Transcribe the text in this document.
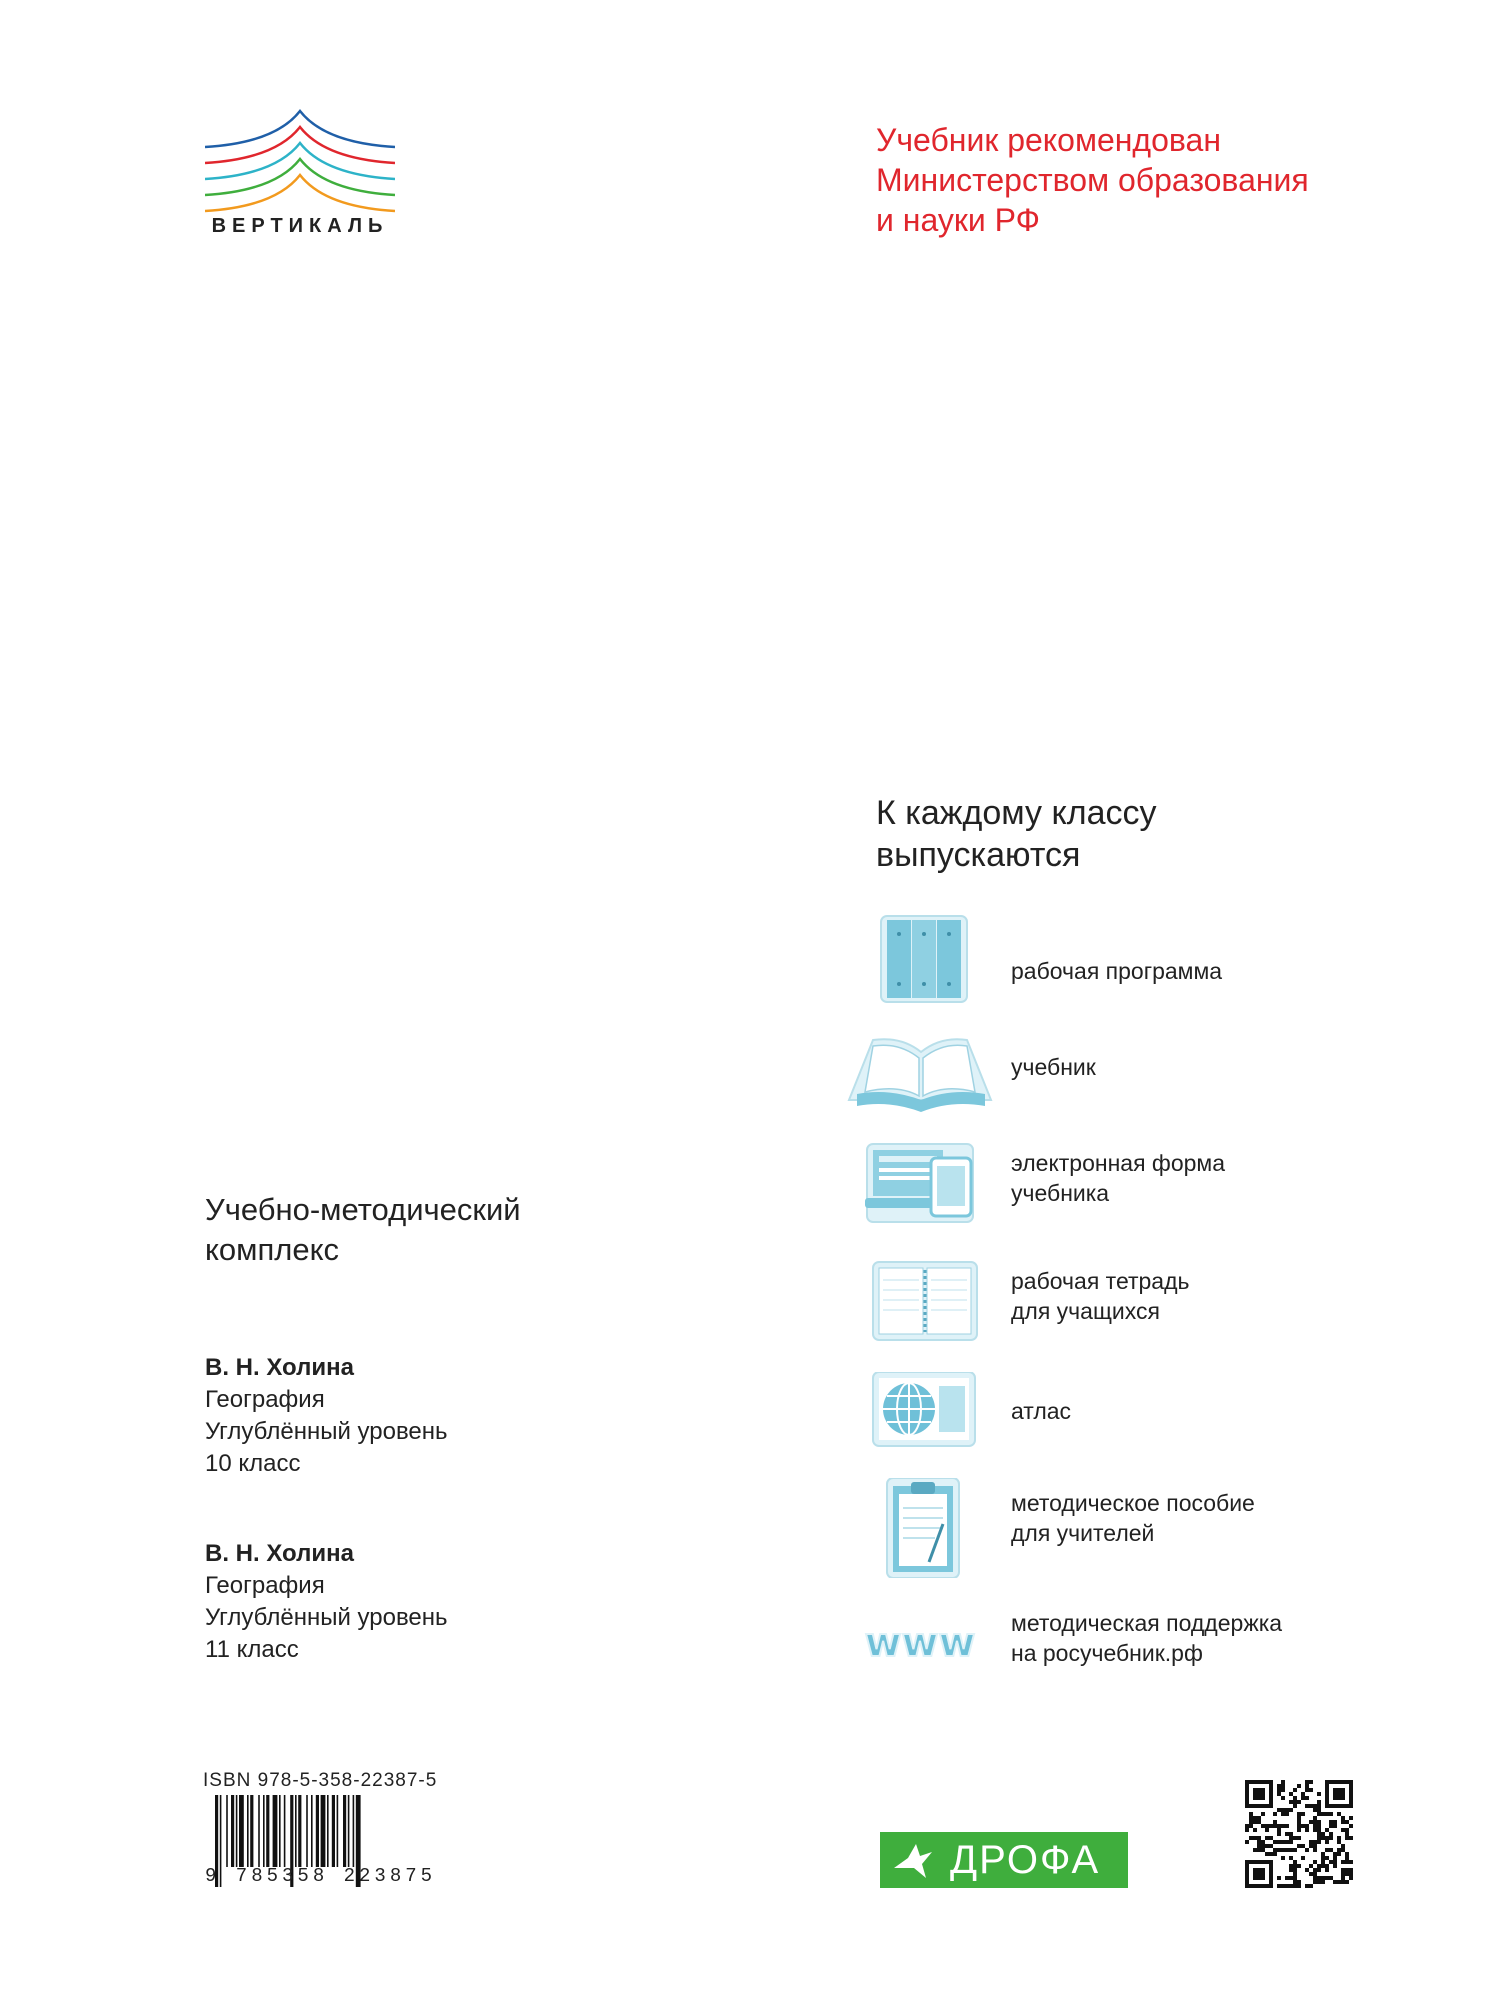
ВЕРТИКАЛЬ
Учебник рекомендован
Министерством образования
и науки РФ
К каждому классу
выпускаются
рабочая программа
учебник
электронная форма
учебника
рабочая тетрадь
для учащихся
атлас
методическое пособие
для учителей
www методическая поддержка
на росучебник.рф
Учебно-методический
комплекс
В. Н. Холина
География
Углублённый уровень
10 класс
В. Н. Холина
География
Углублённый уровень
11 класс
ISBN 978-5-358-22387-5
9 785358 223875	ДРОФА
